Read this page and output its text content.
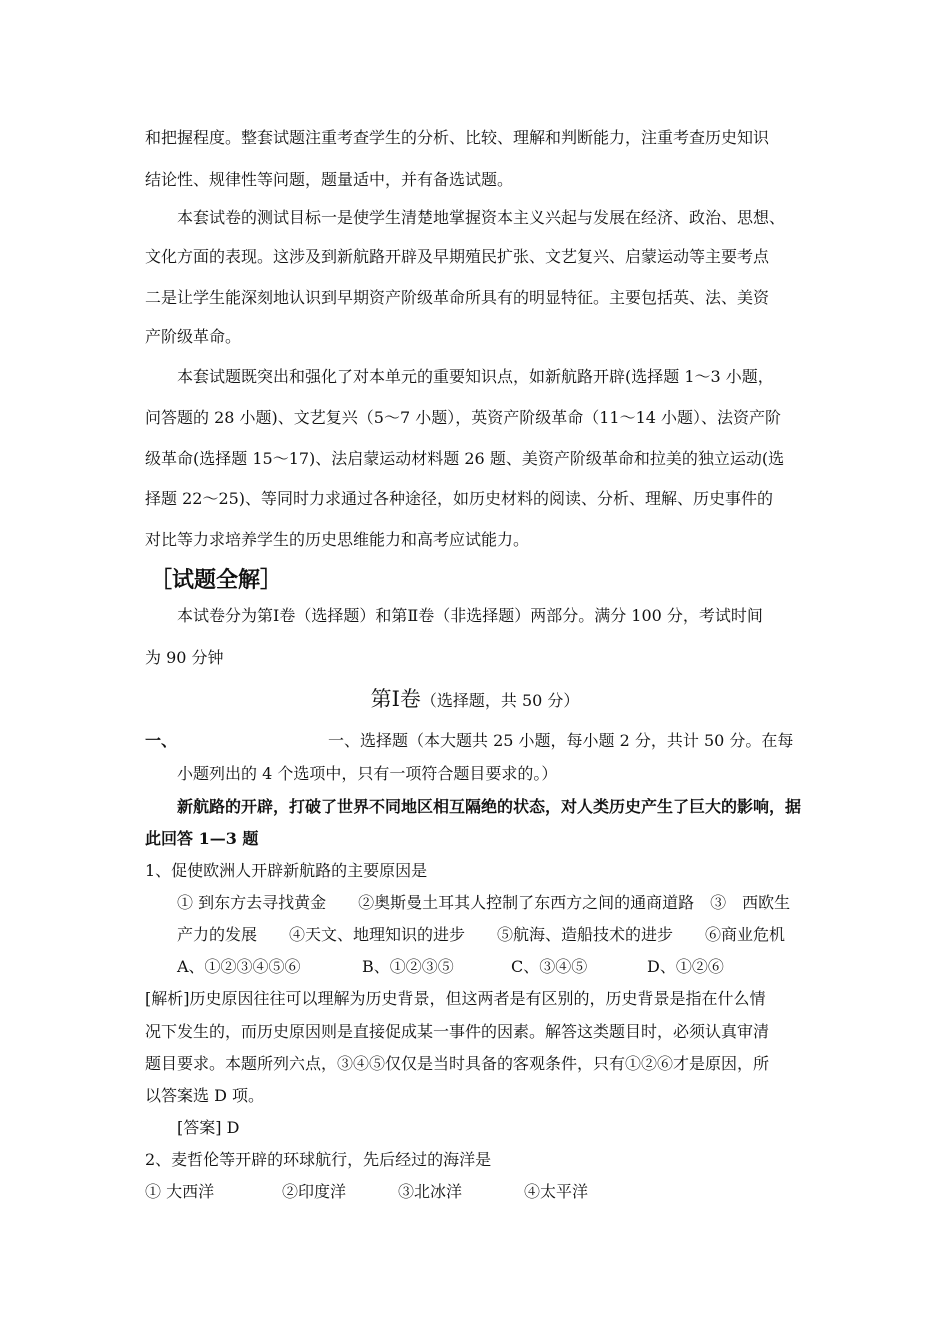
和把握程度。整套试题注重考查学生的分析、比较、理解和判断能力，注重考查历史知识
结论性、规律性等问题，题量适中，并有备选试题。
本套试卷的测试目标一是使学生清楚地掌握资本主义兴起与发展在经济、政治、思想、
文化方面的表现。这涉及到新航路开辟及早期殖民扩张、文艺复兴、启蒙运动等主要考点
二是让学生能深刻地认识到早期资产阶级革命所具有的明显特征。主要包括英、法、美资
产阶级革命。
本套试题既突出和强化了对本单元的重要知识点，如新航路开辟(选择题 1～3 小题，
问答题的 28 小题)、文艺复兴（5～7 小题），英资产阶级革命（11～14 小题）、法资产阶
级革命(选择题 15～17)、法启蒙运动材料题 26 题、美资产阶级革命和拉美的独立运动(选
择题 22～25)、等同时力求通过各种途径，如历史材料的阅读、分析、理解、历史事件的
对比等力求培养学生的历史思维能力和高考应试能力。
［试题全解］
本试卷分为第Ⅰ卷（选择题）和第Ⅱ卷（非选择题）两部分。满分 100 分，考试时间
为 90 分钟
第Ⅰ卷（选择题，共 50 分）
一、	一、选择题（本大题共 25 小题，每小题 2 分，共计 50 分。在每
小题列出的 4 个选项中，只有一项符合题目要求的。）
新航路的开辟，打破了世界不同地区相互隔绝的状态，对人类历史产生了巨大的影响，据
此回答 1—3 题
1、促使欧洲人开辟新航路的主要原因是
① 到东方去寻找黄金　　②奥斯曼土耳其人控制了东西方之间的通商道路　③　西欧生
产力的发展　　④天文、地理知识的进步　　⑤航海、造船技术的进步　　⑥商业危机
A、①②③④⑤⑥	B、①②③⑤	C、③④⑤	D、①②⑥
[解析]历史原因往往可以理解为历史背景，但这两者是有区别的，历史背景是指在什么情
况下发生的，而历史原因则是直接促成某一事件的因素。解答这类题目时，必须认真审清
题目要求。本题所列六点，③④⑤仅仅是当时具备的客观条件，只有①②⑥才是原因，所
以答案选 D 项。
[答案] D
2、麦哲伦等开辟的环球航行，先后经过的海洋是
① 大西洋	②印度洋	③北冰洋	④太平洋
